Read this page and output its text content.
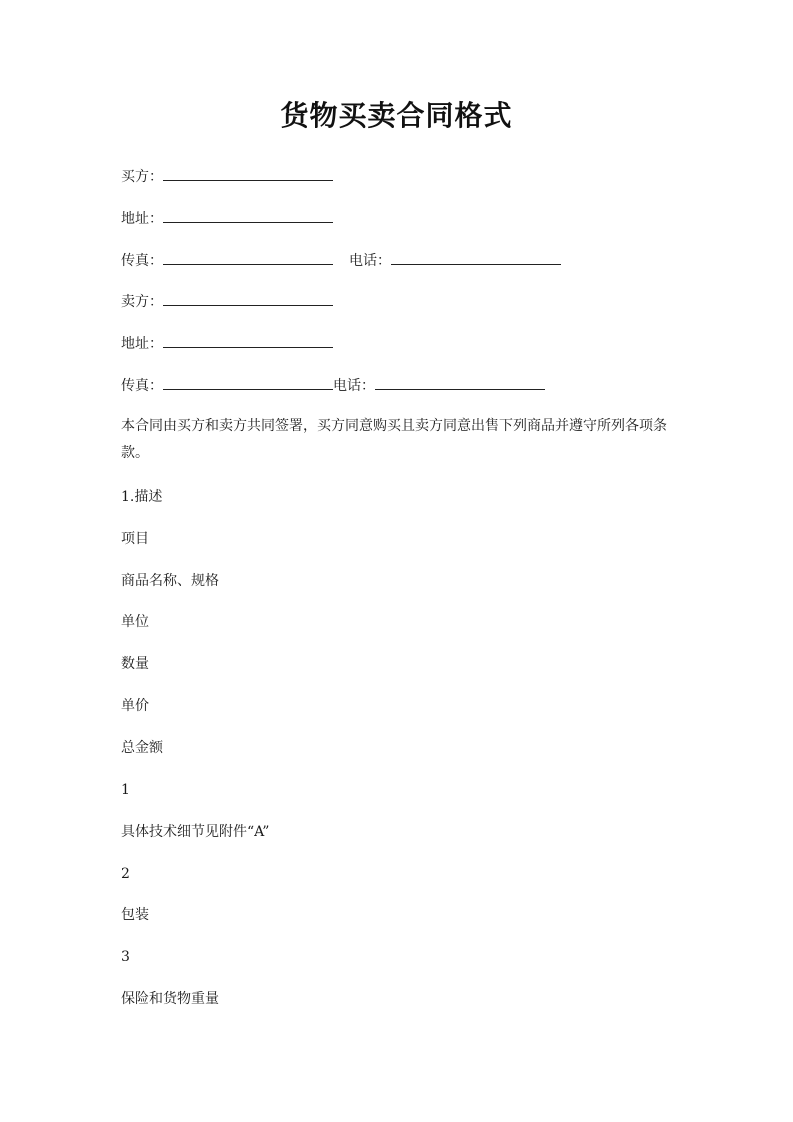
货物买卖合同格式
买方：
地址：
传真：	电话：
卖方：
地址：
传真：	电话：
本合同由买方和卖方共同签署，买方同意购买且卖方同意出售下列商品并遵守所列各项条款。
1.描述
项目
商品名称、规格
单位
数量
单价
总金额
1
具体技术细节见附件“A”
2
包装
3
保险和货物重量
